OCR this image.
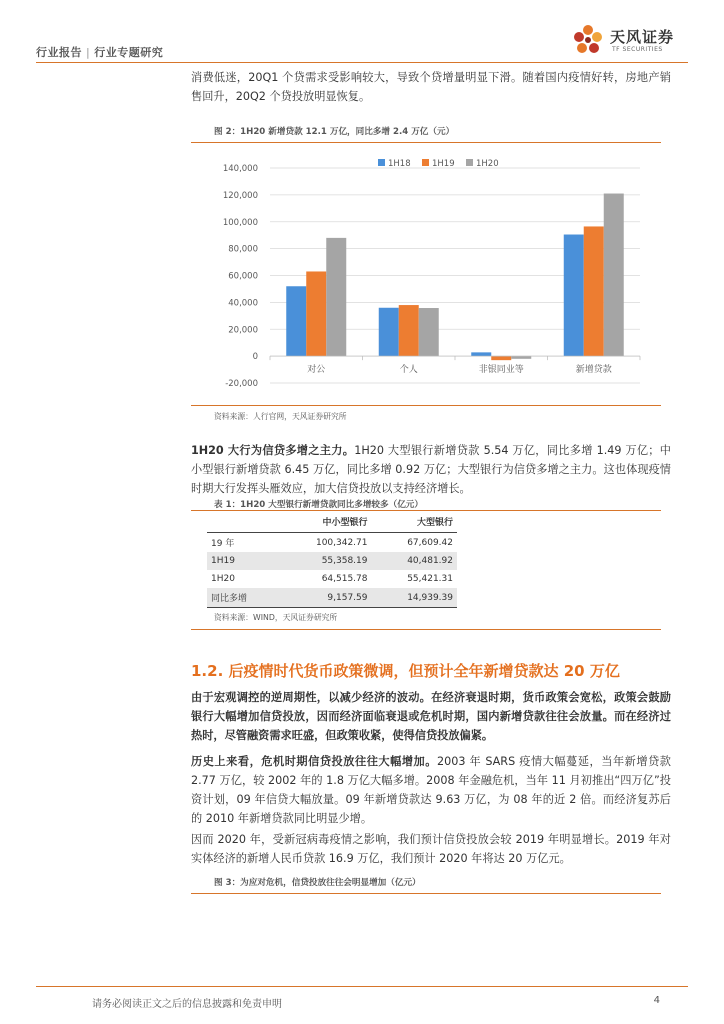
行业报告 | 行业专题研究
天风证券
TF SECURITIES
消费低迷，20Q1 个贷需求受影响较大，导致个贷增量明显下滑。随着国内疫情好转，房地产销售回升，20Q2 个贷投放明显恢复。
图 2：1H20 新增贷款 12.1 万亿，同比多增 2.4 万亿（元）
-20,000
0
20,000
40,000
60,000
80,000
100,000
120,000
140,000
对公	个人	非银同业等	新增贷款
1H18	1H19	1H20
资料来源：人行官网，天风证券研究所
1H20 大行为信贷多增之主力。1H20 大型银行新增贷款 5.54 万亿，同比多增 1.49 万亿；中小型银行新增贷款 6.45 万亿，同比多增 0.92 万亿；大型银行为信贷多增之主力。这也体现疫情时期大行发挥头雁效应，加大信贷投放以支持经济增长。
表 1：1H20 大型银行新增贷款同比多增较多（亿元）
	中小型银行	大型银行
19 年	100,342.71	67,609.42
1H19	55,358.19	40,481.92
1H20	64,515.78	55,421.31
同比多增	9,157.59	14,939.39
资料来源：WIND，天风证券研究所
1.2. 后疫情时代货币政策微调，但预计全年新增贷款达 20 万亿
由于宏观调控的逆周期性，以减少经济的波动。在经济衰退时期，货币政策会宽松，政策会鼓励银行大幅增加信贷投放，因而经济面临衰退或危机时期，国内新增贷款往往会放量。而在经济过热时，尽管融资需求旺盛，但政策收紧，使得信贷投放偏紧。
历史上来看，危机时期信贷投放往往大幅增加。2003 年 SARS 疫情大幅蔓延，当年新增贷款 2.77 万亿，较 2002 年的 1.8 万亿大幅多增。2008 年金融危机，当年 11 月初推出“四万亿”投资计划，09 年信贷大幅放量。09 年新增贷款达 9.63 万亿，为 08 年的近 2 倍。而经济复苏后的 2010 年新增贷款同比明显少增。
因而 2020 年，受新冠病毒疫情之影响，我们预计信贷投放会较 2019 年明显增长。2019 年对实体经济的新增人民币贷款 16.9 万亿，我们预计 2020 年将达 20 万亿元。
图 3：为应对危机，信贷投放往往会明显增加（亿元）
请务必阅读正文之后的信息披露和免责申明	4
